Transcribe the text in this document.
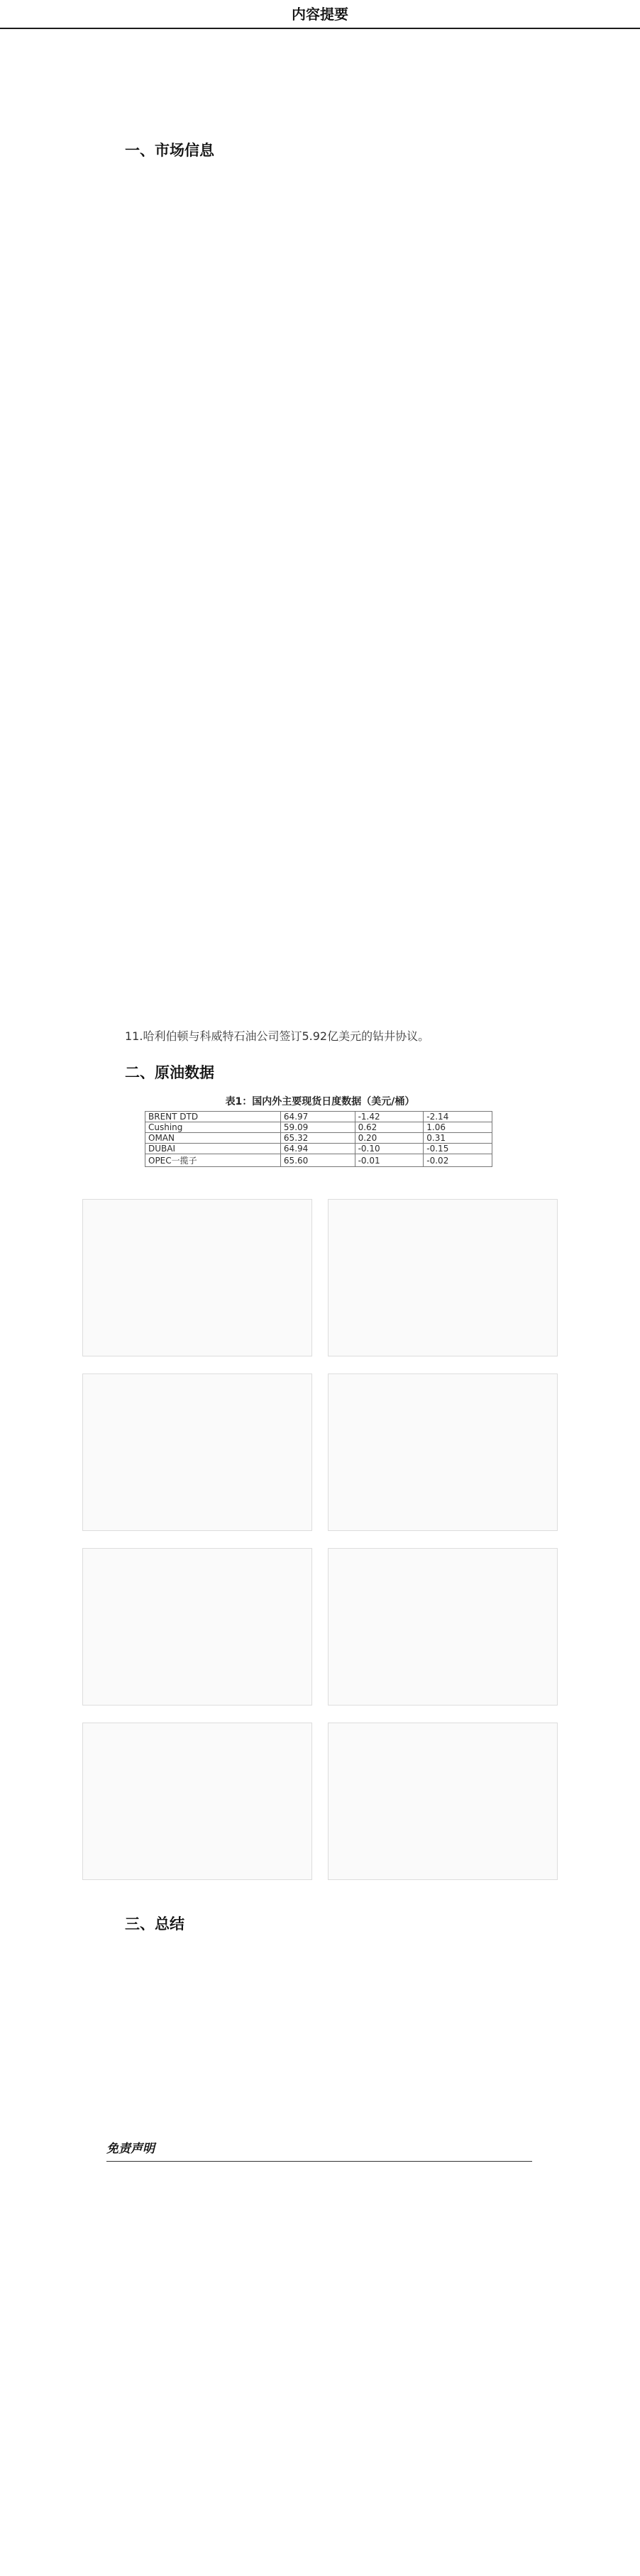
内容提要
一、市场信息
11.哈利伯顿与科威特石油公司签订5.92亿美元的钻井协议。
二、原油数据
表1：国内外主要现货日度数据（美元/桶）
BRENT DTD	64.97	-1.42	-2.14
Cushing	59.09	0.62	1.06
OMAN	65.32	0.20	0.31
DUBAI	64.94	-0.10	-0.15
OPEC一揽子	65.60	-0.01	-0.02
三、总结
免责声明
